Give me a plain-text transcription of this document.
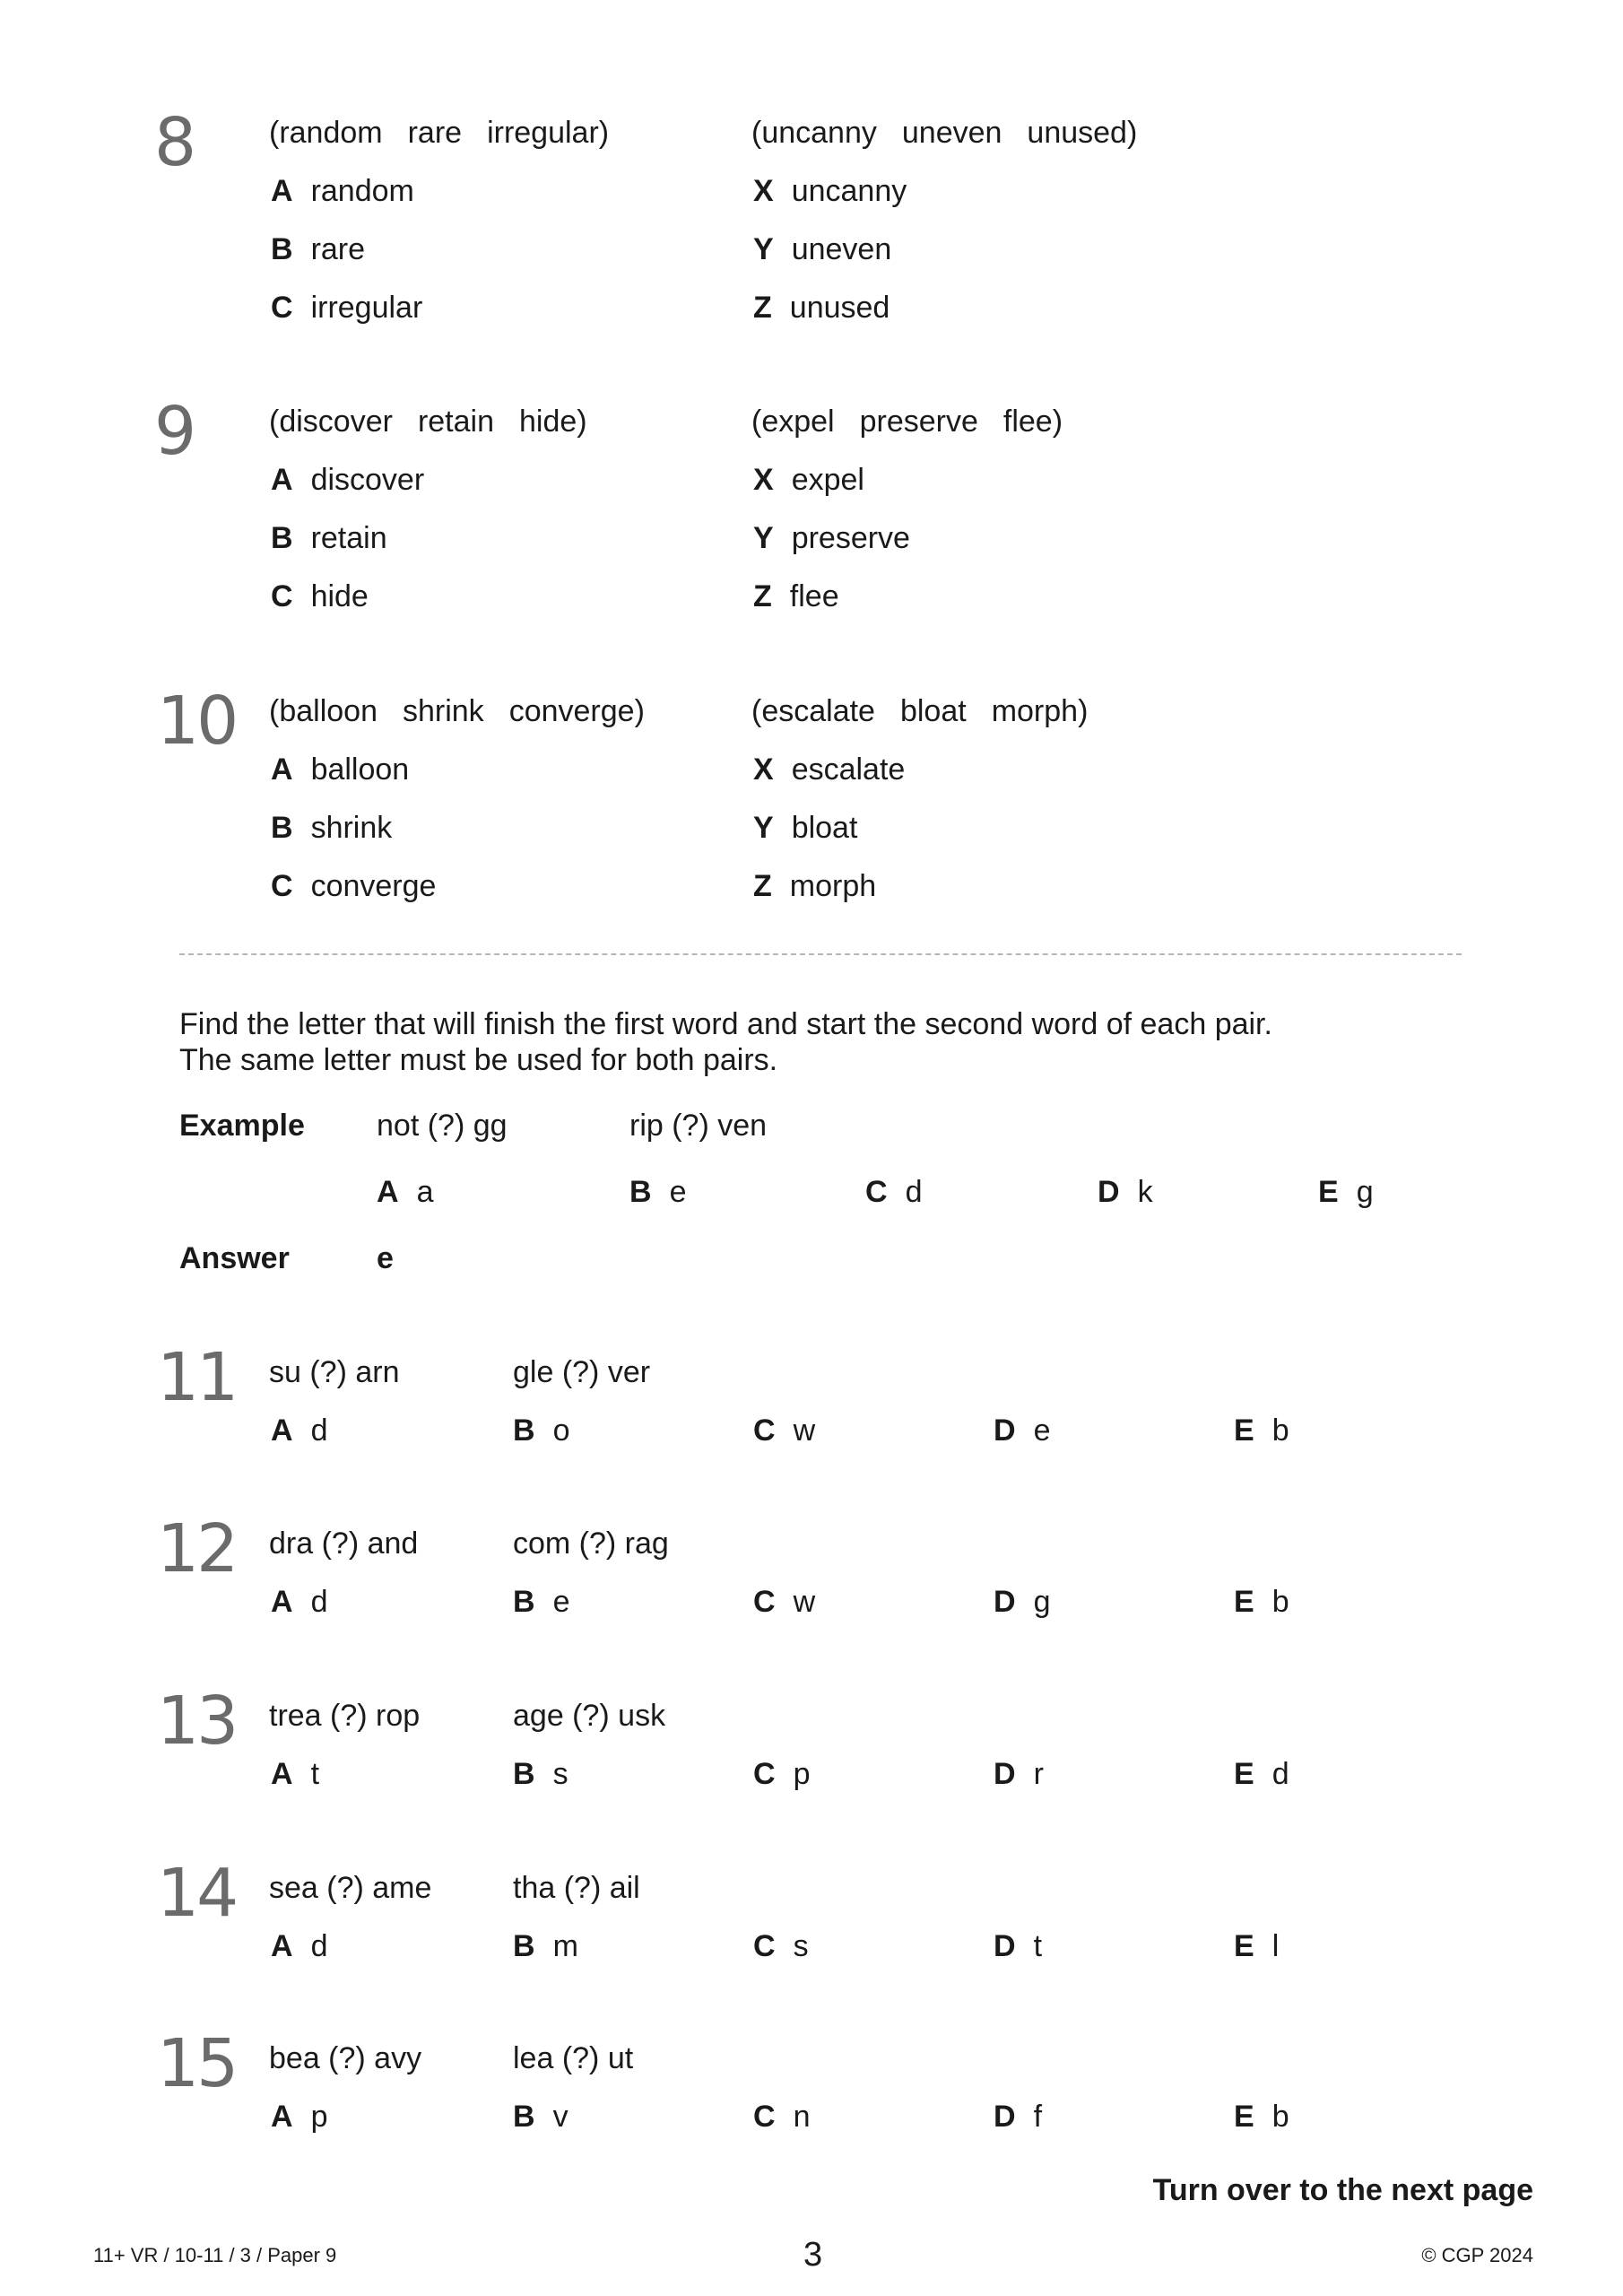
8 (random rare irregular)
A random
B rare
C irregular
(uncanny uneven unused)
X uncanny
Y uneven
Z unused
9 (discover retain hide)
A discover
B retain
C hide
(expel preserve flee)
X expel
Y preserve
Z flee
10 (balloon shrink converge)
A balloon
B shrink
C converge
(escalate bloat morph)
X escalate
Y bloat
Z morph
Find the letter that will finish the first word and start the second word of each pair.
The same letter must be used for both pairs.
Example not (?) gg	rip (?) ven
A a	B e	C d	D k	E g
Answer	e
11 su (?) arn	gle (?) ver
A d	B o	C w	D e	E b
12 dra (?) and	com (?) rag
A d	B e	C w	D g	E b
13 trea (?) rop	age (?) usk
A t	B s	C p	D r	E d
14 sea (?) ame	tha (?) ail
A d	B m	C s	D t	E l
15 bea (?) avy	lea (?) ut
A p	B v	C n	D f	E b
Turn over to the next page
11+ VR / 10-11 / 3 / Paper 9	3	© CGP 2024
